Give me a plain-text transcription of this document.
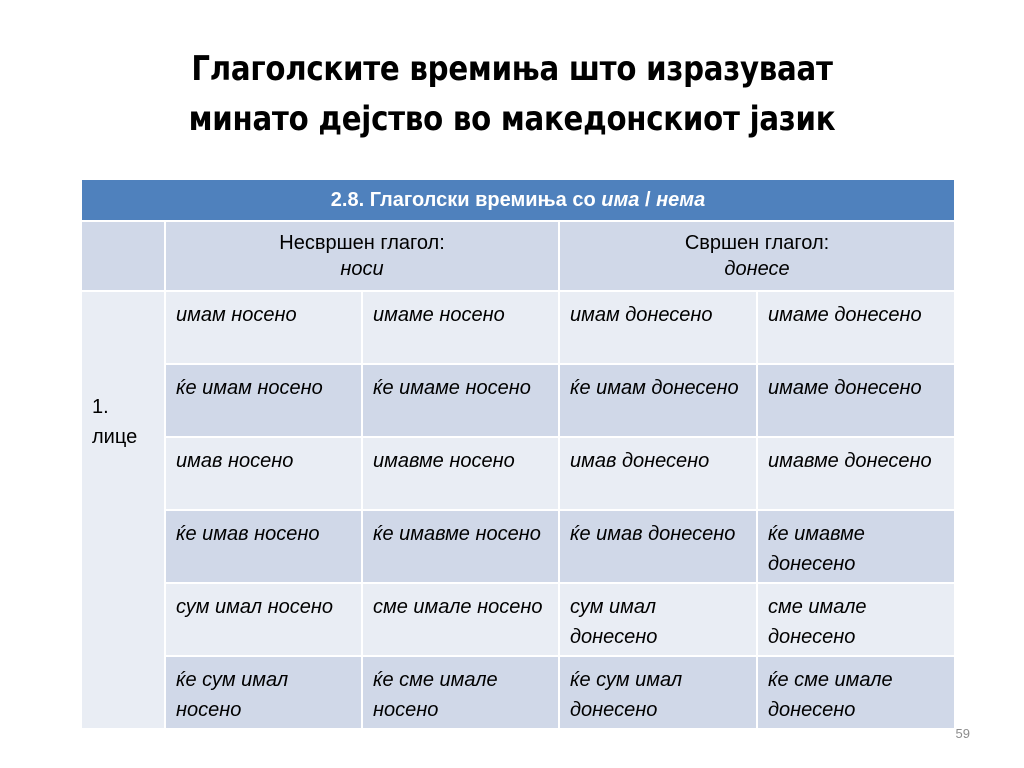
Глаголските времиња што изразуваат
минато дејство во македонскиот јазик
2.8. Глаголски времиња со има / нема				

	Несвршен глагол:
носи		Свршен глагол:
донесе	

1.
лице	имам носено	имаме носено	имам донесено	имаме донесено
	ќе имам носено	ќе имаме носено	ќе имам донесено	имаме донесено
	имав носено	имавме носено	имав донесено	имавме донесено
	ќе имав носено	ќе имавме носено	ќе имав донесено	ќе имавме донесено
	сум имал носено	сме имале носено	сум имал донесено	сме имале донесено
	ќе сум имал носено	ќе сме имале носено	ќе сум имал донесено	ќе сме имале донесено
59
